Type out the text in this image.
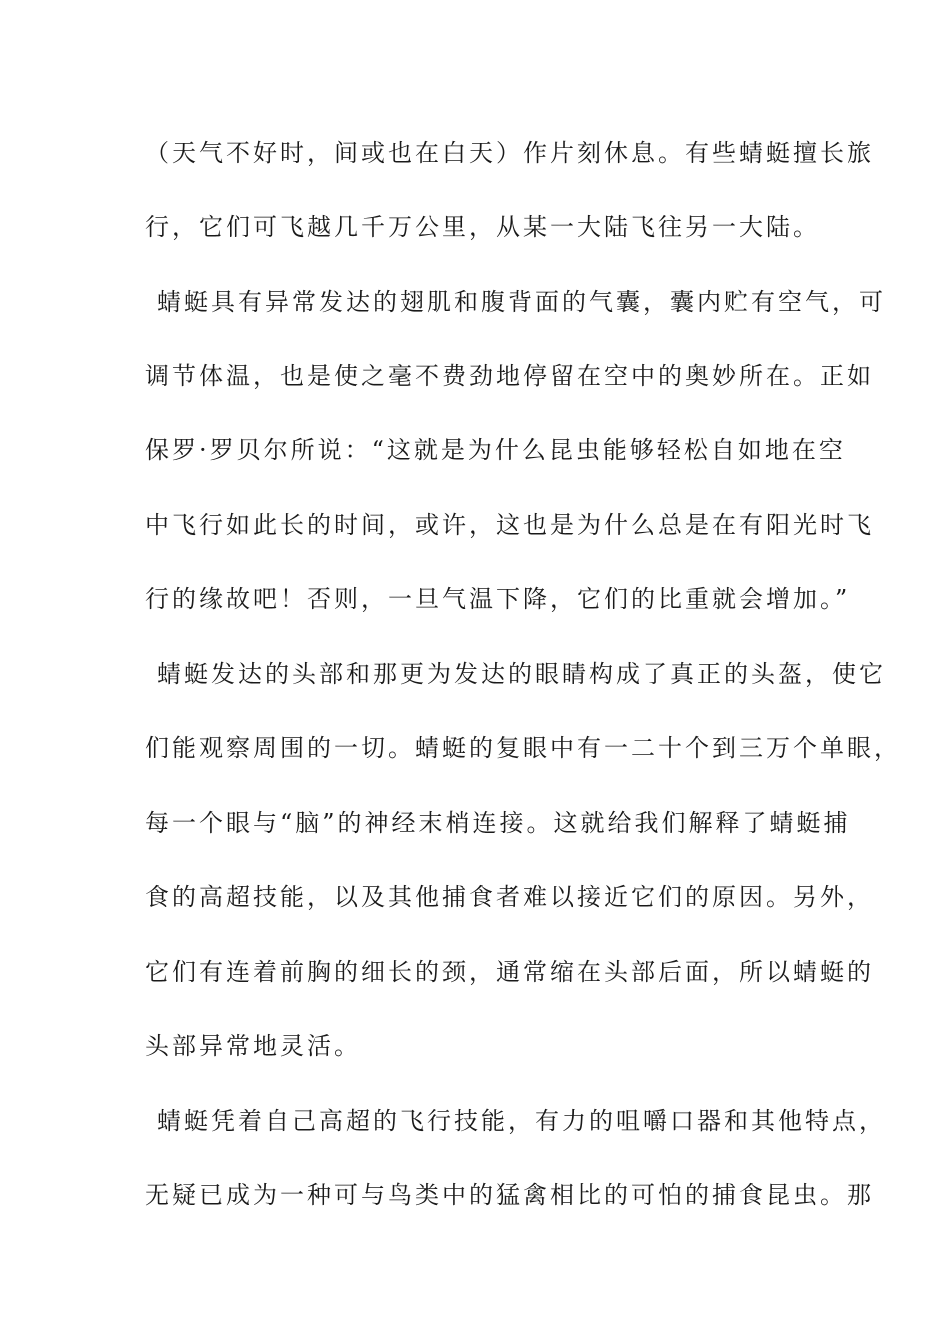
（天气不好时，间或也在白天）作片刻休息。有些蜻蜓擅长旅
行，它们可飞越几千万公里，从某一大陆飞往另一大陆。
蜻蜓具有异常发达的翅肌和腹背面的气囊，囊内贮有空气，可
调节体温，也是使之毫不费劲地停留在空中的奥妙所在。正如
保罗·罗贝尔所说：“这就是为什么昆虫能够轻松自如地在空
中飞行如此长的时间，或许，这也是为什么总是在有阳光时飞
行的缘故吧！否则，一旦气温下降，它们的比重就会增加。”
蜻蜓发达的头部和那更为发达的眼睛构成了真正的头盔，使它
们能观察周围的一切。蜻蜓的复眼中有一二十个到三万个单眼，
每一个眼与“脑”的神经末梢连接。这就给我们解释了蜻蜓捕
食的高超技能，以及其他捕食者难以接近它们的原因。另外，
它们有连着前胸的细长的颈，通常缩在头部后面，所以蜻蜓的
头部异常地灵活。
蜻蜓凭着自己高超的飞行技能，有力的咀嚼口器和其他特点，
无疑已成为一种可与鸟类中的猛禽相比的可怕的捕食昆虫。那
